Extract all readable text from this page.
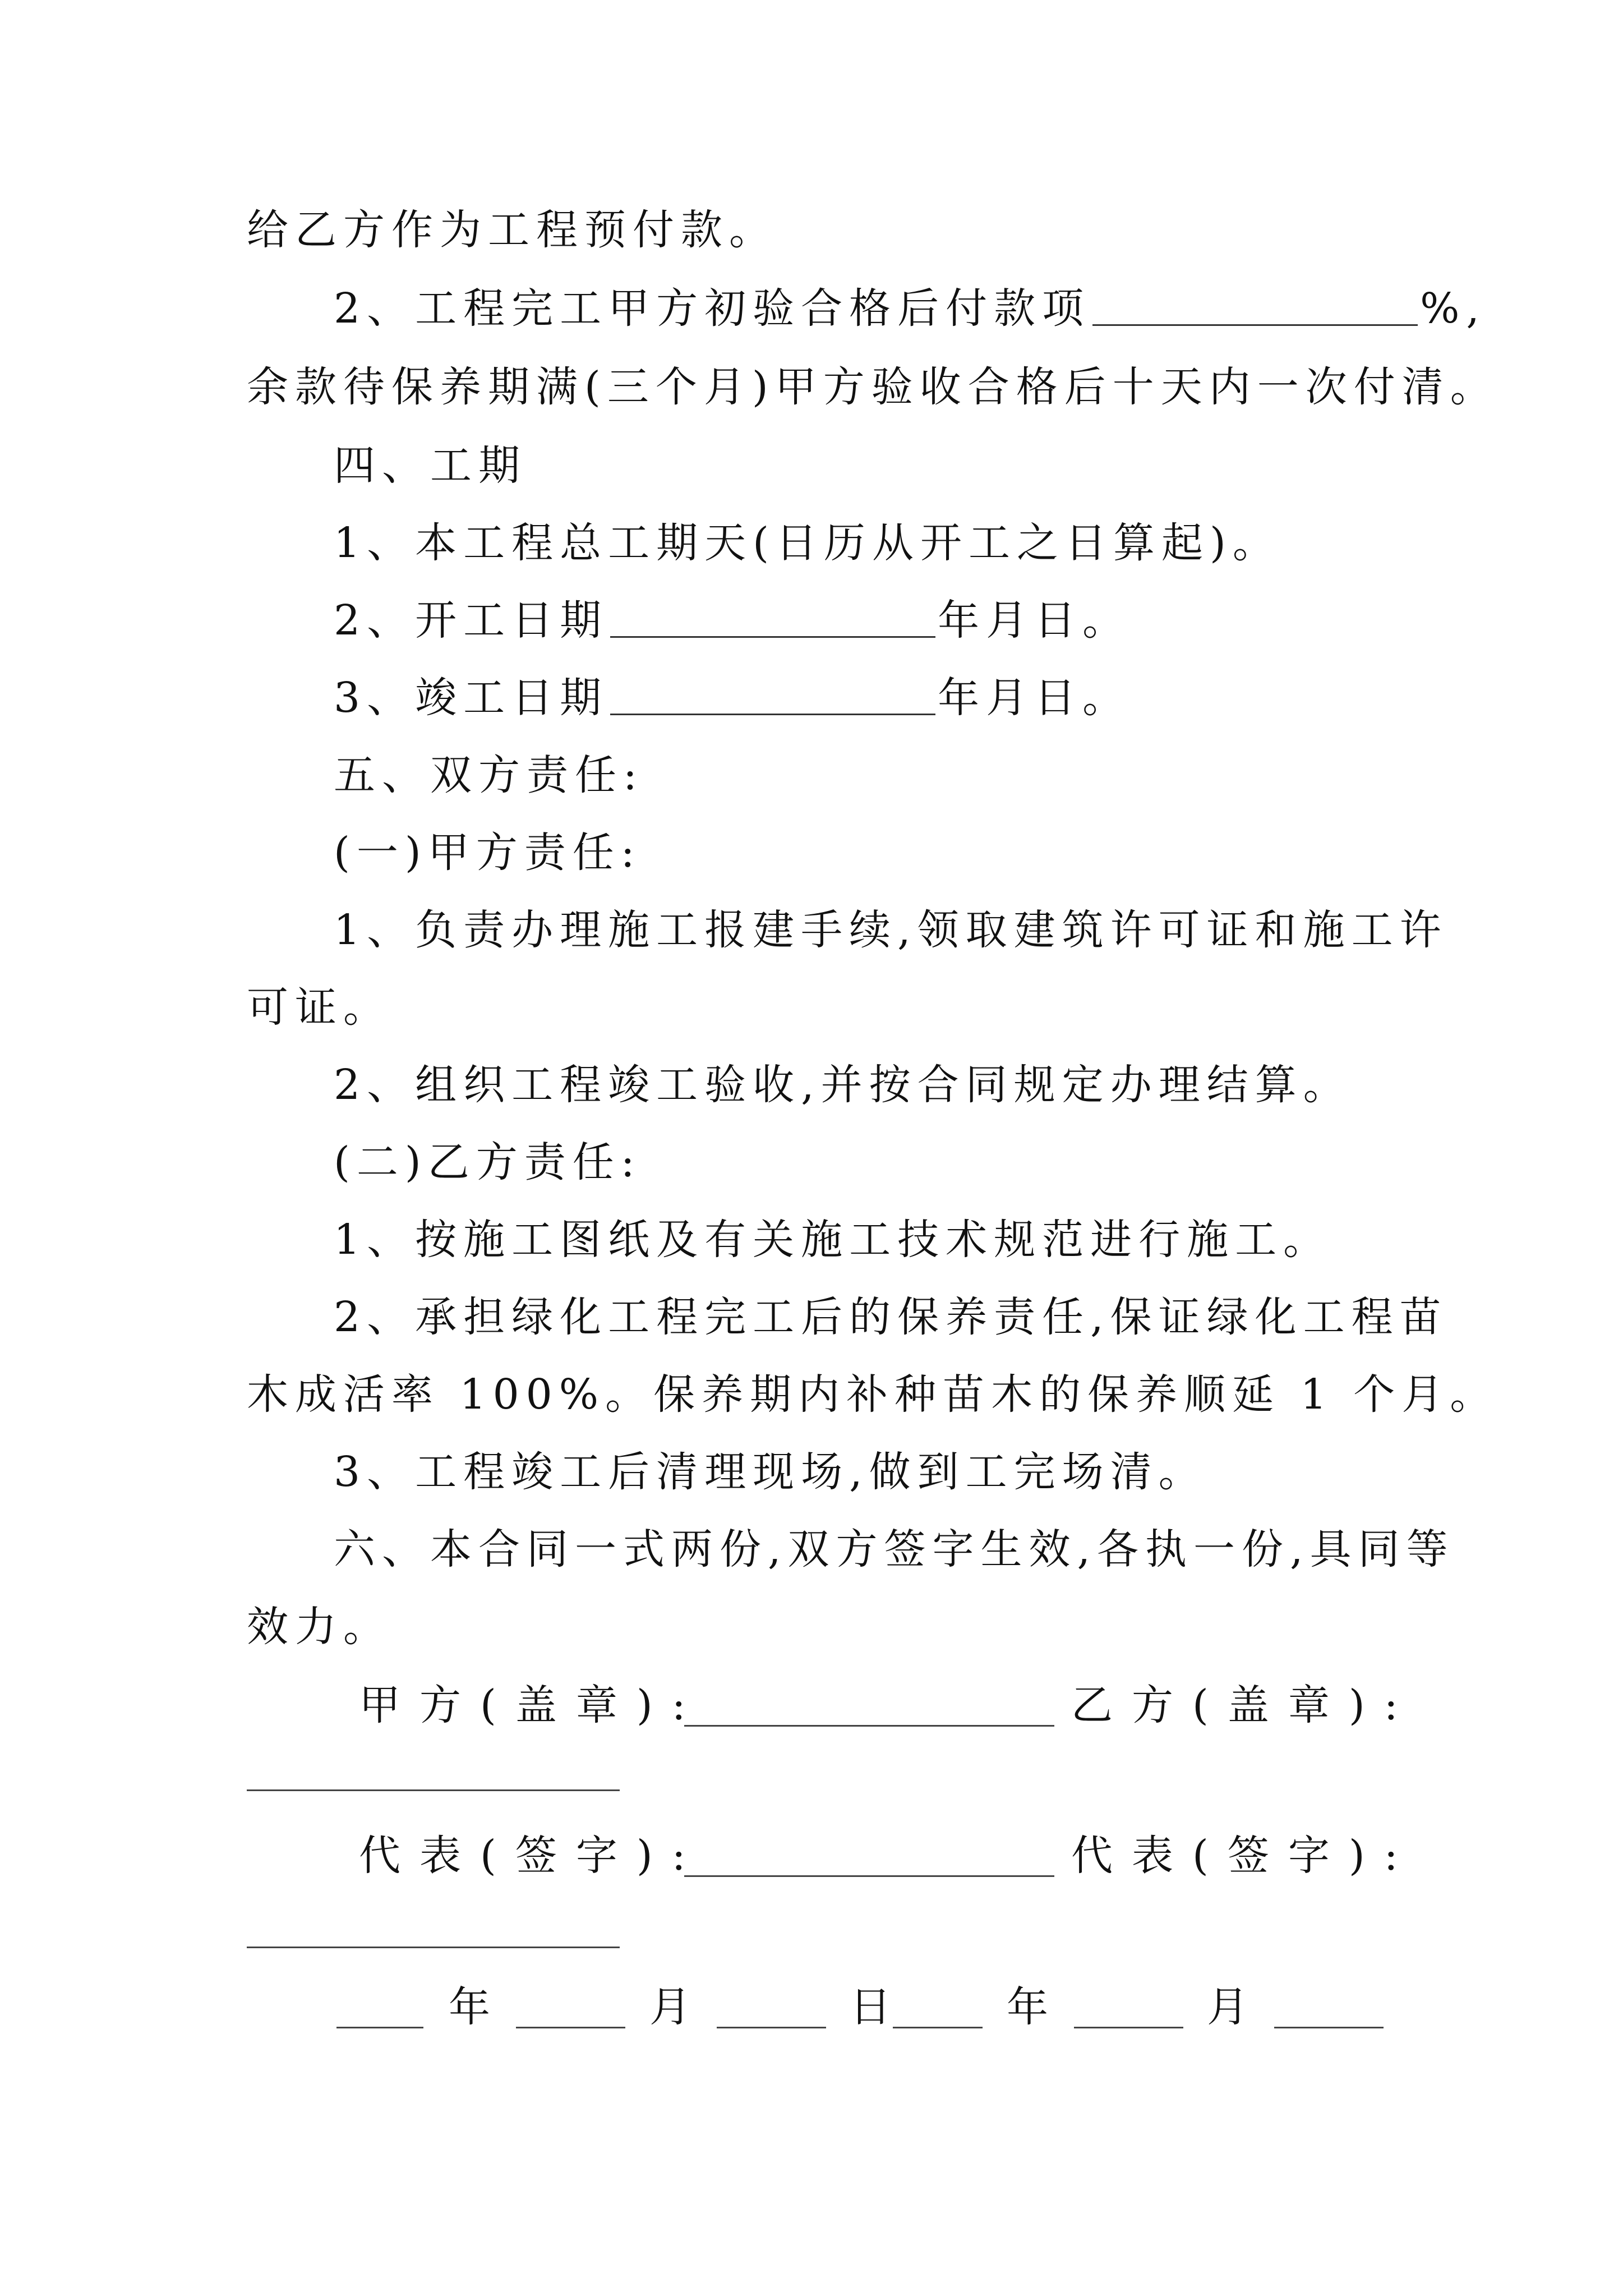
给乙方作为工程预付款。
2、工程完工甲方初验合格后付款项	%,
余款待保养期满(三个月)甲方验收合格后十天内一次付清。
四、工期
1、本工程总工期天(日历从开工之日算起)。
2、开工日期	年月日。
3、竣工日期	年月日。
五、双方责任:
(一)甲方责任:
1、负责办理施工报建手续,领取建筑许可证和施工许
可证。
2、组织工程竣工验收,并按合同规定办理结算。
(二)乙方责任:
1、按施工图纸及有关施工技术规范进行施工。
2、承担绿化工程完工后的保养责任,保证绿化工程苗
木成活率 100%。保养期内补种苗木的保养顺延 1 个月。
3、工程竣工后清理现场,做到工完场清。
六、本合同一式两份,双方签字生效,各执一份,具同等
效力。
甲方(盖章):	乙方(盖章):
代表(签字):	代表(签字):
年	月	日 年	月
